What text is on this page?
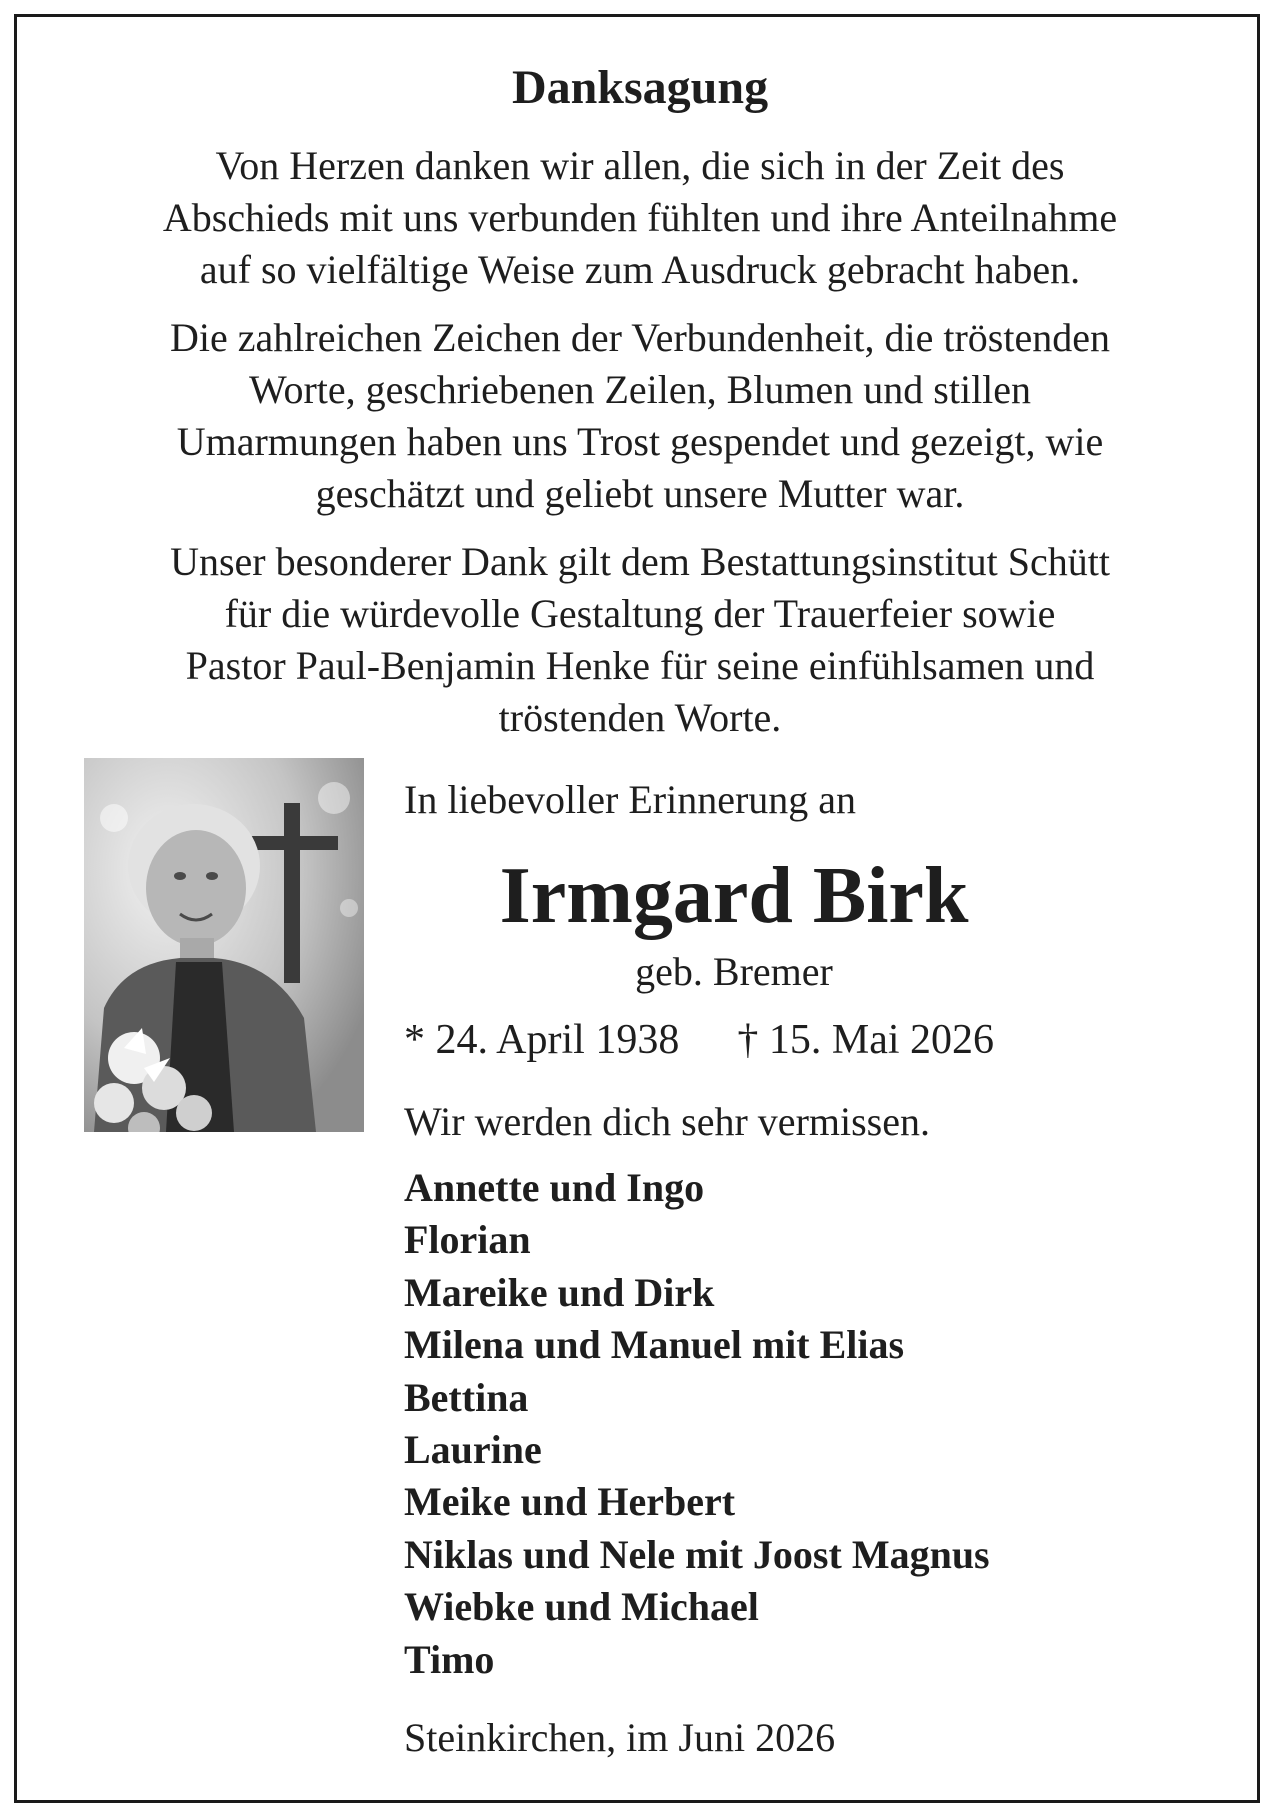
Danksagung
Von Herzen danken wir allen, die sich in der Zeit des
Abschieds mit uns verbunden fühlten und ihre Anteilnahme
auf so vielfältige Weise zum Ausdruck gebracht haben.
Die zahlreichen Zeichen der Verbundenheit, die tröstenden
Worte, geschriebenen Zeilen, Blumen und stillen
Umarmungen haben uns Trost gespendet und gezeigt, wie
geschätzt und geliebt unsere Mutter war.
Unser besonderer Dank gilt dem Bestattungsinstitut Schütt
für die würdevolle Gestaltung der Trauerfeier sowie
Pastor Paul-Benjamin Henke für seine einfühlsamen und
tröstenden Worte.
In liebevoller Erinnerung an
Irmgard Birk
geb. Bremer
* 24. April 1938 † 15. Mai 2026
Wir werden dich sehr vermissen.
Annette und Ingo
Florian
Mareike und Dirk
Milena und Manuel mit Elias
Bettina
Laurine
Meike und Herbert
Niklas und Nele mit Joost Magnus
Wiebke und Michael
Timo
Steinkirchen, im Juni 2026
